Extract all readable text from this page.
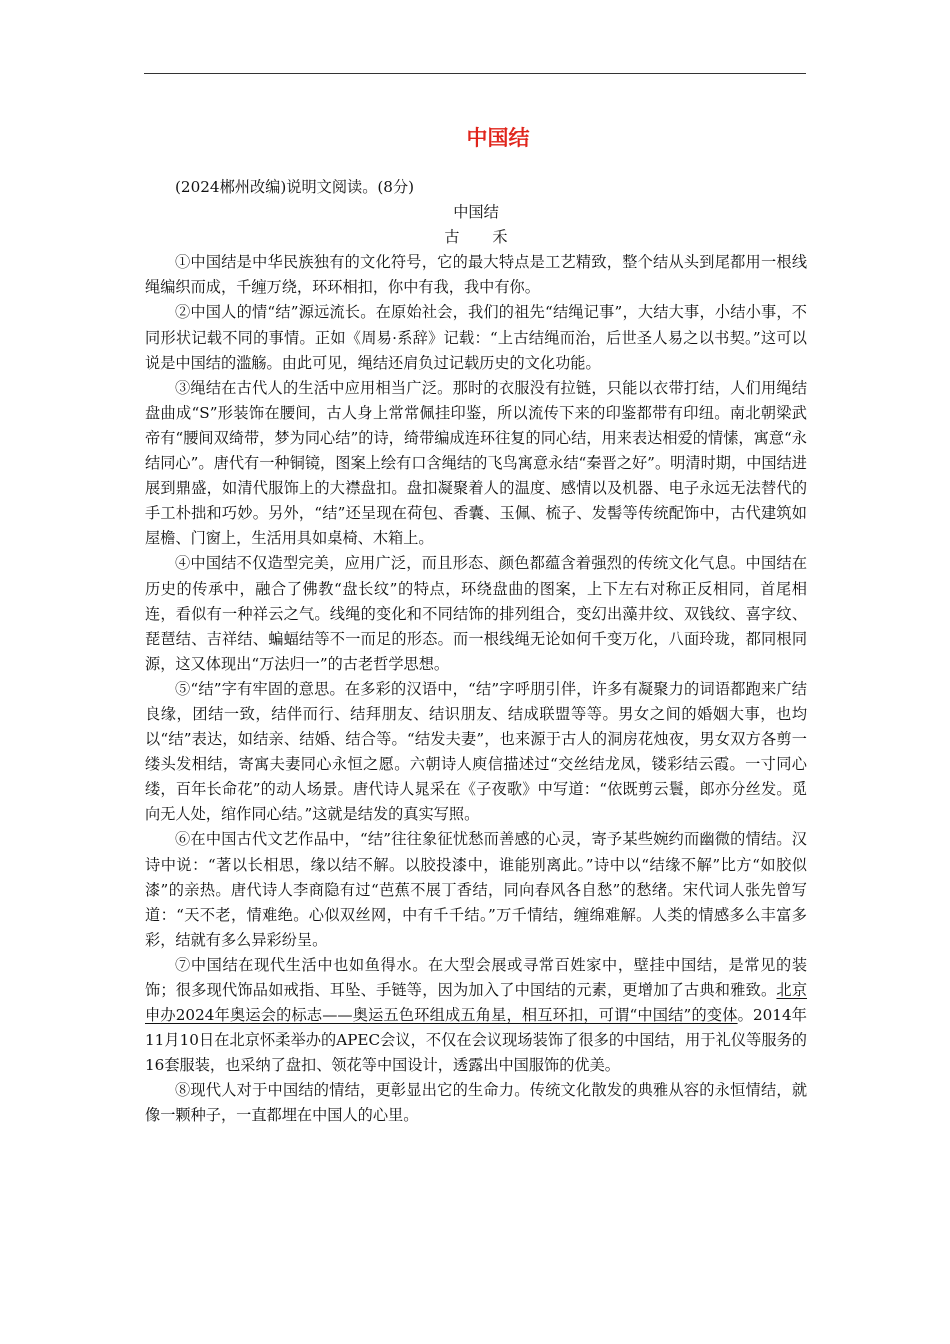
中国结

(2024郴州改编)说明文阅读。(8分)

中国结

古 禾

①中国结是中华民族独有的文化符号，它的最大特点是工艺精致，整个结从头到尾都用一根线绳编织而成，千缠万绕，环环相扣，你中有我，我中有你。

②中国人的情“结”源远流长。在原始社会，我们的祖先“结绳记事”，大结大事，小结小事，不同形状记载不同的事情。正如《周易·系辞》记载：“上古结绳而治，后世圣人易之以书契。”这可以说是中国结的滥觞。由此可见，绳结还肩负过记载历史的文化功能。

③绳结在古代人的生活中应用相当广泛。那时的衣服没有拉链，只能以衣带打结，人们用绳结盘曲成“S”形装饰在腰间，古人身上常常佩挂印鉴，所以流传下来的印鉴都带有印纽。南北朝梁武帝有“腰间双绮带，梦为同心结”的诗，绮带编成连环往复的同心结，用来表达相爱的情愫，寓意“永结同心”。唐代有一种铜镜，图案上绘有口含绳结的飞鸟寓意永结“秦晋之好”。明清时期，中国结进展到鼎盛，如清代服饰上的大襟盘扣。盘扣凝聚着人的温度、感情以及机器、电子永远无法替代的手工朴拙和巧妙。另外，“结”还呈现在荷包、香囊、玉佩、梳子、发髻等传统配饰中，古代建筑如屋檐、门窗上，生活用具如桌椅、木箱上。

④中国结不仅造型完美，应用广泛，而且形态、颜色都蕴含着强烈的传统文化气息。中国结在历史的传承中，融合了佛教“盘长纹”的特点，环绕盘曲的图案，上下左右对称正反相同，首尾相连，看似有一种祥云之气。线绳的变化和不同结饰的排列组合，变幻出藻井纹、双钱纹、喜字纹、琵琶结、吉祥结、蝙蝠结等不一而足的形态。而一根线绳无论如何千变万化，八面玲珑，都同根同源，这又体现出“万法归一”的古老哲学思想。

⑤“结”字有牢固的意思。在多彩的汉语中，“结”字呼朋引伴，许多有凝聚力的词语都跑来广结良缘，团结一致，结伴而行、结拜朋友、结识朋友、结成联盟等等。男女之间的婚姻大事，也均以“结”表达，如结亲、结婚、结合等。“结发夫妻”，也来源于古人的洞房花烛夜，男女双方各剪一缕头发相结，寄寓夫妻同心永恒之愿。六朝诗人庾信描述过“交丝结龙凤，镂彩结云霞。一寸同心缕，百年长命花”的动人场景。唐代诗人晁采在《子夜歌》中写道：“依既剪云鬟，郎亦分丝发。觅向无人处，绾作同心结。”这就是结发的真实写照。

⑥在中国古代文艺作品中，“结”往往象征忧愁而善感的心灵，寄予某些婉约而幽微的情结。汉诗中说：“著以长相思，缘以结不解。以胶投漆中，谁能别离此。”诗中以“结缘不解”比方“如胶似漆”的亲热。唐代诗人李商隐有过“芭蕉不展丁香结，同向春风各自愁”的愁绪。宋代词人张先曾写道：“天不老，情难绝。心似双丝网，中有千千结。”万千情结，缠绵难解。人类的情感多么丰富多彩，结就有多么异彩纷呈。

⑦中国结在现代生活中也如鱼得水。在大型会展或寻常百姓家中，壁挂中国结，是常见的装饰；很多现代饰品如戒指、耳坠、手链等，因为加入了中国结的元素，更增加了古典和雅致。北京申办2024年奥运会的标志——奥运五色环组成五角星，相互环扣，可谓“中国结”的变体。2014年11月10日在北京怀柔举办的APEC会议，不仅在会议现场装饰了很多的中国结，用于礼仪等服务的16套服装，也采纳了盘扣、领花等中国设计，透露出中国服饰的优美。

⑧现代人对于中国结的情结，更彰显出它的生命力。传统文化散发的典雅从容的永恒情结，就像一颗种子，一直都埋在中国人的心里。
